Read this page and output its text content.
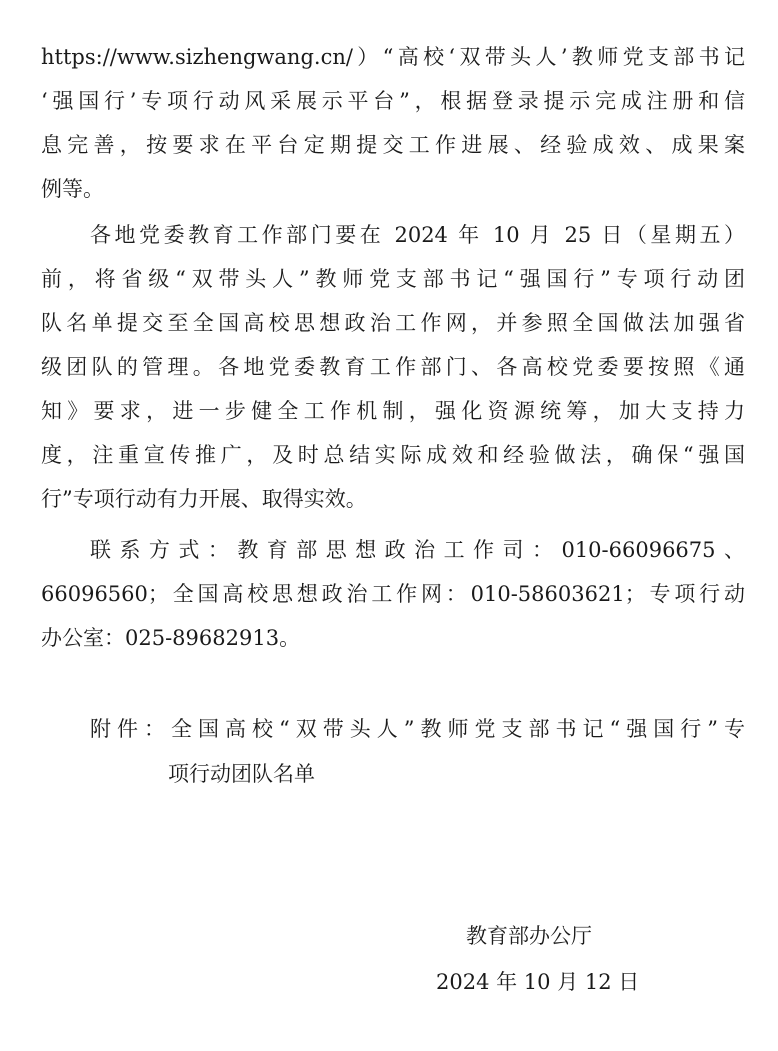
https://www.sizhengwang.cn/）“高校‘双带头人’教师党支部书记

‘强国行’专项行动风采展示平台”，根据登录提示完成注册和信

息完善，按要求在平台定期提交工作进展、经验成效、成果案

例等。

各地党委教育工作部门要在 2024 年 10 月 25 日（星期五）

前，将省级“双带头人”教师党支部书记“强国行”专项行动团

队名单提交至全国高校思想政治工作网，并参照全国做法加强省

级团队的管理。各地党委教育工作部门、各高校党委要按照《通

知》要求，进一步健全工作机制，强化资源统筹，加大支持力

度，注重宣传推广，及时总结实际成效和经验做法，确保“强国

行”专项行动有力开展、取得实效。

联系方式：教育部思想政治工作司：010-66096675、

66096560；全国高校思想政治工作网：010-58603621；专项行动

办公室：025-89682913。

附件：全国高校“双带头人”教师党支部书记“强国行”专

项行动团队名单

教育部办公厅

2024 年 10 月 12 日
